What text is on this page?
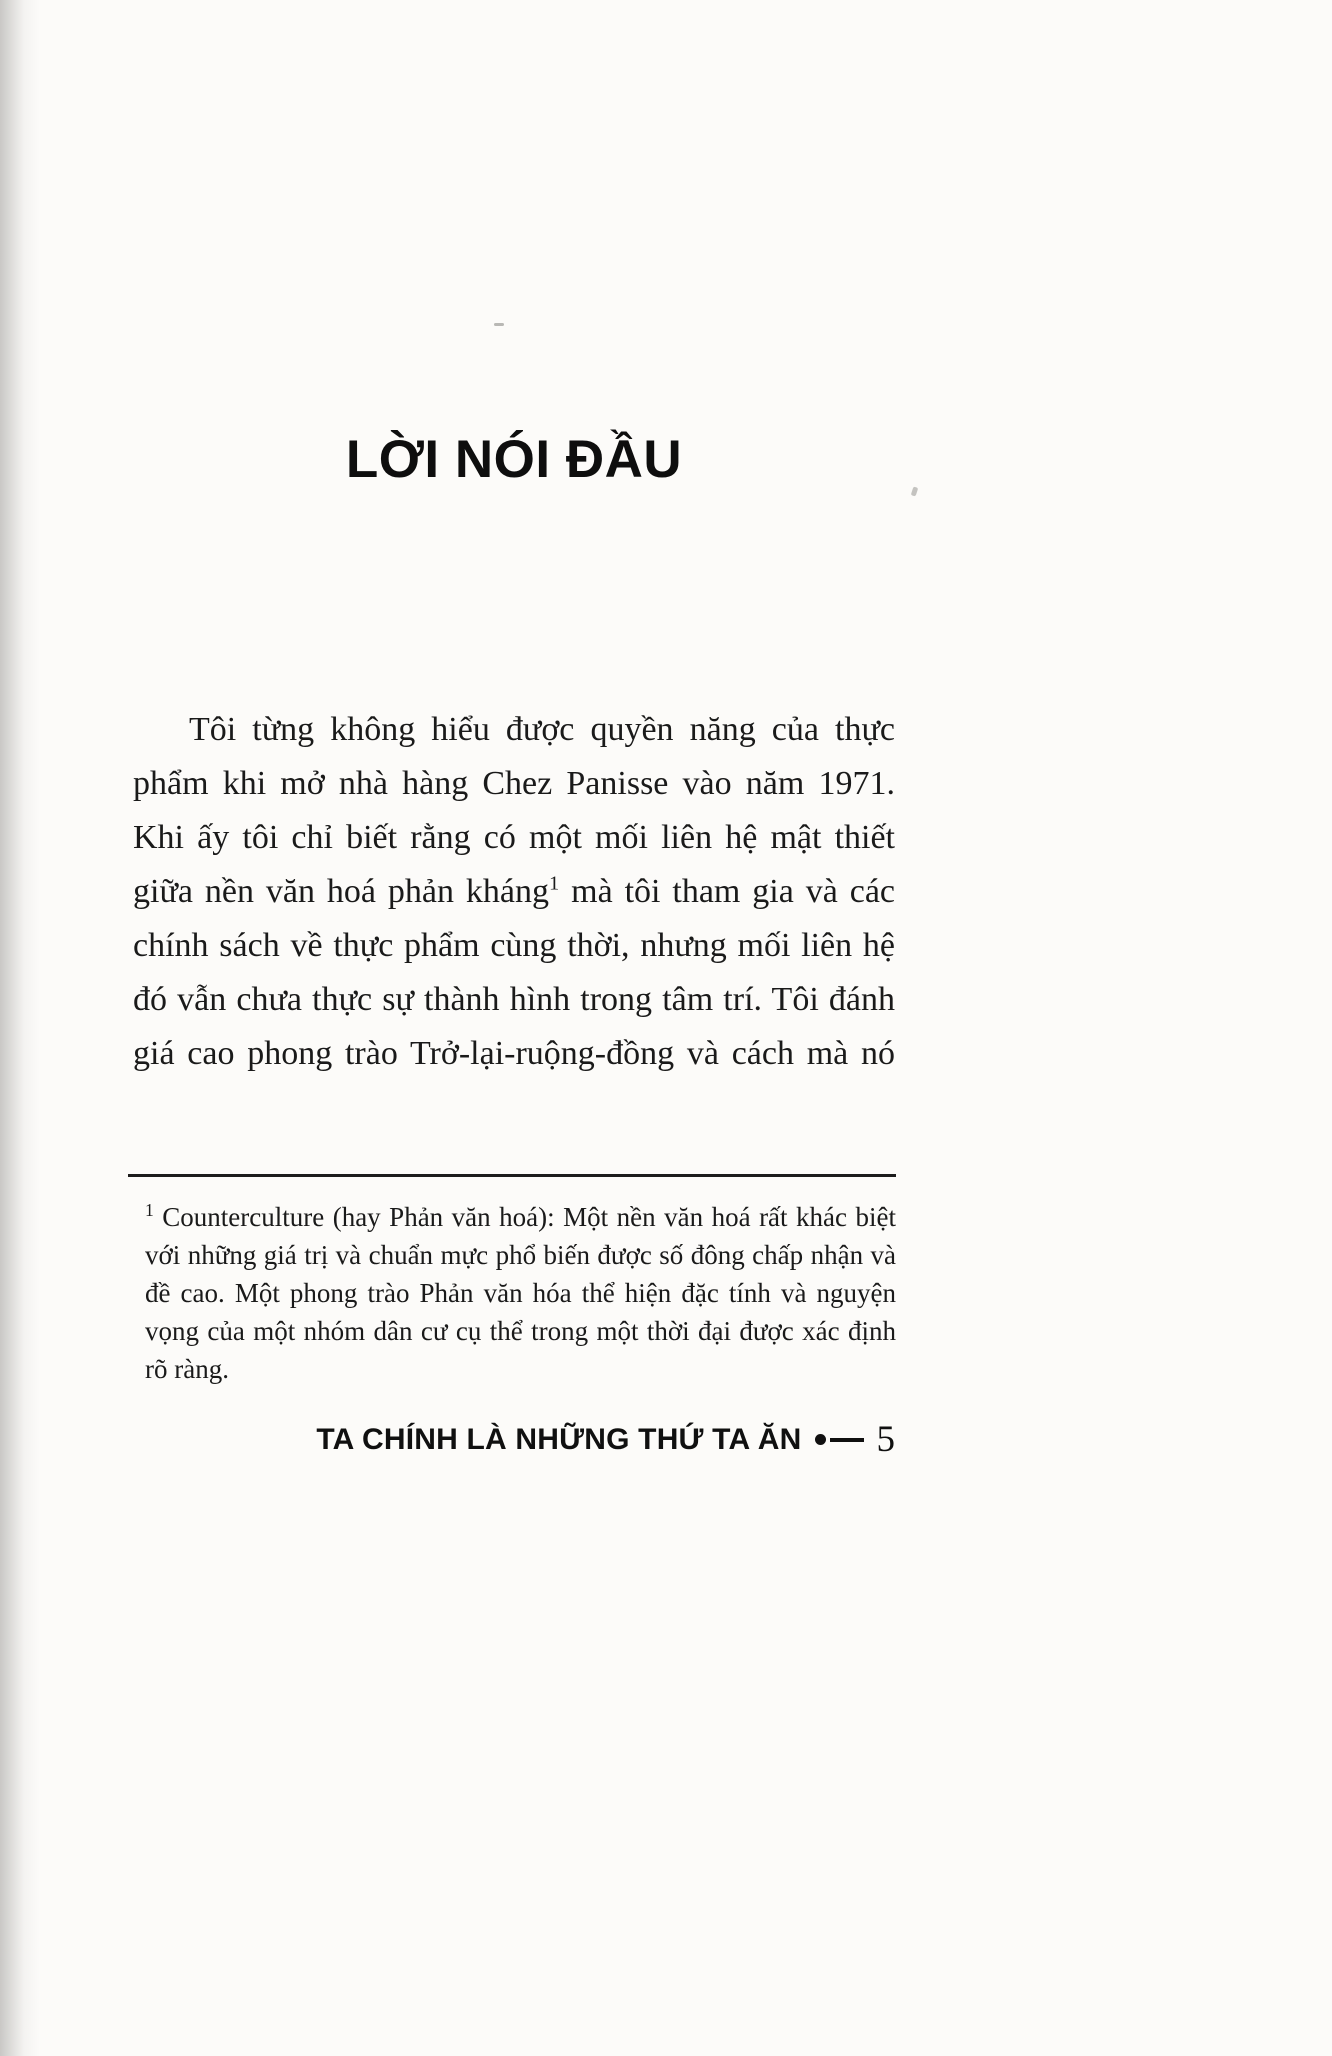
LỜI NÓI ĐẦU

Tôi từng không hiểu được quyền năng của thực phẩm khi mở nhà hàng Chez Panisse vào năm 1971. Khi ấy tôi chỉ biết rằng có một mối liên hệ mật thiết giữa nền văn hoá phản kháng$^1$ mà tôi tham gia và các chính sách về thực phẩm cùng thời, nhưng mối liên hệ đó vẫn chưa thực sự thành hình trong tâm trí. Tôi đánh giá cao phong trào Trở-lại-ruộng-đồng và cách mà nó

$^1$ Counterculture (hay Phản văn hoá): Một nền văn hoá rất khác biệt với những giá trị và chuẩn mực phổ biến được số đông chấp nhận và đề cao. Một phong trào Phản văn hóa thể hiện đặc tính và nguyện vọng của một nhóm dân cư cụ thể trong một thời đại được xác định rõ ràng.

TA CHÍNH LÀ NHỮNG THỨ TA ĂN 5
